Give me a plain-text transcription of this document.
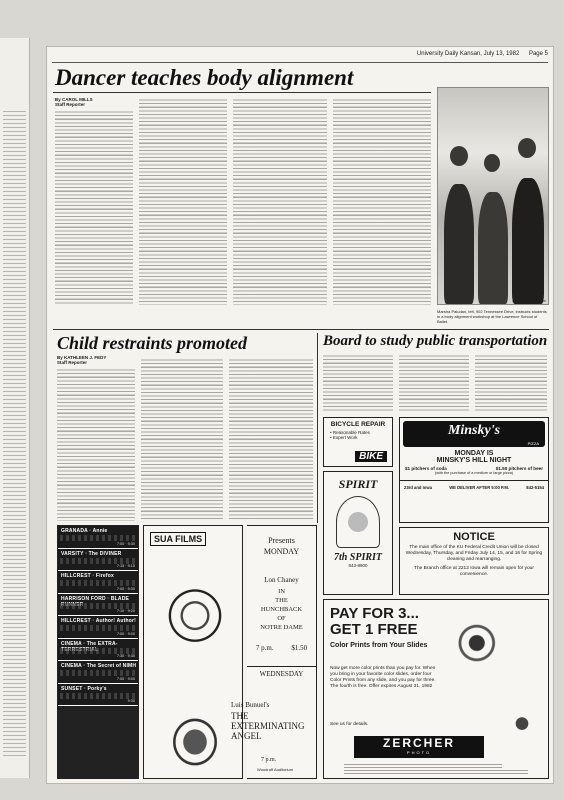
University Daily Kansan, July 13, 1982 Page 5
Dancer teaches body alignment
By CAROL MILLS
Staff Reporter
Photo by Jill M. Hilton
Marsha Paludan, left, 902 Tennessee Drive, instructs students in a body alignment workshop at the Lawrence School of Ballet.
Child restraints promoted
By KATHLEEN J. FEDY
Staff Reporter
Board to study public transportation
BICYCLE REPAIR
• Reasonable Rates
• Expert Work
BIKE
Minsky's
PIZZA
MONDAY IS
MINSKY'S HILL NIGHT
$1 pitchers of soda	$1.50 pitchers of beer
(with the purchase of a medium or large pizza)
23rd and Iowa	WE DELIVER AFTER 5:00 P.M.	842-5154
SPIRIT
7th SPIRIT
843-8900
GRANADA · Annie
7:00 · 9:30
VARSITY · The DIVINER
7:15 · 9:15
HILLCREST · Firefox
7:00 · 9:30
HARRISON FORD · BLADE
7:10 · 9:20
HILLCREST · Author! Author!
7:00 · 9:00
CINEMA · The EXTRA-
7:30 · 9:30
CINEMA · The Secret of NIMH
7:00 · 9:00
SUNSET · Porky's
9:30
SUA FILMS	Presents
MONDAY
Lon Chaney
IN
THE
HUNCHBACK
OF
NOTRE DAME
7 p.m.	$1.50
WEDNESDAY
Luis Bunuel's
THE EXTERMINATING ANGEL
7 p.m.
Woodruff Auditorium
NOTICE
The main office of the KU Federal Credit Union will be closed Wednesday, Thursday, and Friday July 14, 15, and 16 for Spring cleaning and rearranging.
The Branch office at 2212 Iowa will remain open for your convenience.
PAY FOR 3... GET 1 FREE
Color Prints from Your Slides
Now get more color prints than you pay for. When you bring in your favorite color slides, order four Color Prints from any slide, and you pay for three. The fourth is free. Offer expires August 31, 1982
See us for details.
ZERCHER
PHOTO
